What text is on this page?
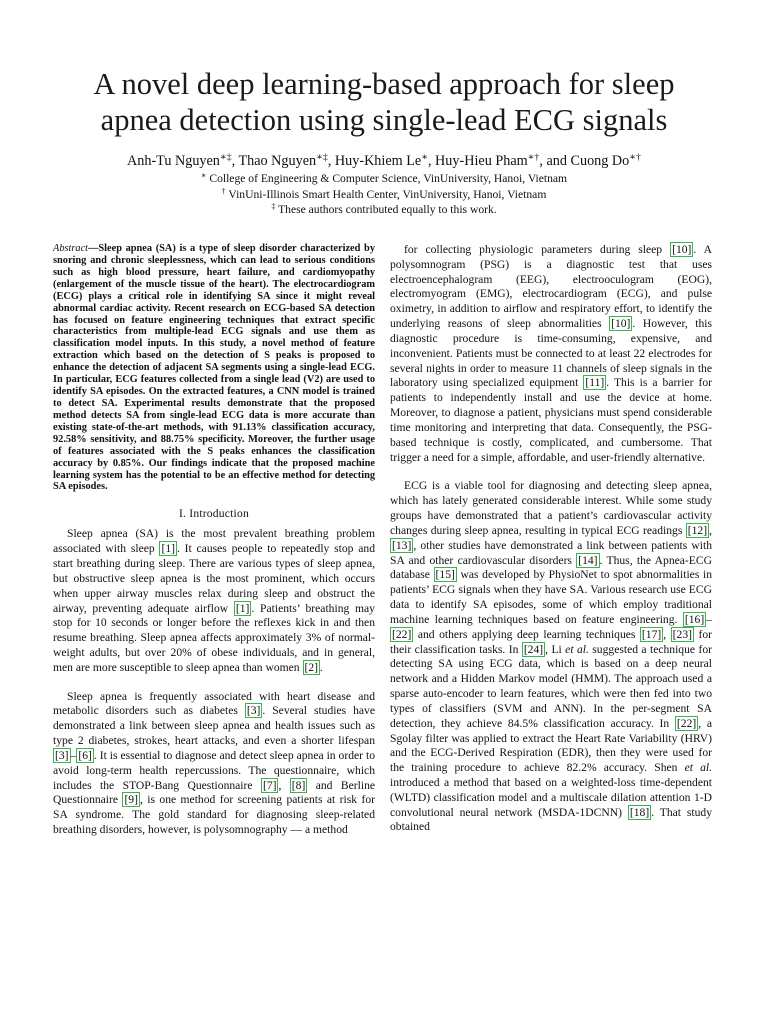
A novel deep learning-based approach for sleep
apnea detection using single-lead ECG signals
Anh-Tu Nguyen∗‡, Thao Nguyen∗‡, Huy-Khiem Le∗, Huy-Hieu Pham∗†, and Cuong Do∗†
∗ College of Engineering & Computer Science, VinUniversity, Hanoi, Vietnam
† VinUni-Illinois Smart Health Center, VinUniversity, Hanoi, Vietnam
‡ These authors contributed equally to this work.

Abstract—Sleep apnea (SA) is a type of sleep disorder characterized by snoring and chronic sleeplessness, which can lead to serious conditions such as high blood pressure, heart failure, and cardiomyopathy (enlargement of the muscle tissue of the heart). The electrocardiogram (ECG) plays a critical role in identifying SA since it might reveal abnormal cardiac activity. Recent research on ECG-based SA detection has focused on feature engineering techniques that extract specific characteristics from multiple-lead ECG signals and use them as classification model inputs. In this study, a novel method of feature extraction which based on the detection of S peaks is proposed to enhance the detection of adjacent SA segments using a single-lead ECG. In particular, ECG features collected from a single lead (V2) are used to identify SA episodes. On the extracted features, a CNN model is trained to detect SA. Experimental results demonstrate that the proposed method detects SA from single-lead ECG data is more accurate than existing state-of-the-art methods, with 91.13% classification accuracy, 92.58% sensitivity, and 88.75% specificity. Moreover, the further usage of features associated with the S peaks enhances the classification accuracy by 0.85%. Our findings indicate that the proposed machine learning system has the potential to be an effective method for detecting SA episodes.

I. Introduction

Sleep apnea (SA) is the most prevalent breathing problem associated with sleep [1] . It causes people to repeatedly stop and start breathing during sleep. There are various types of sleep apnea, but obstructive sleep apnea is the most prominent, which occurs when upper airway muscles relax during sleep and obstruct the airway, preventing adequate airflow [1] . Patients’ breathing may stop for 10 seconds or longer before the reflexes kick in and then resume breathing. Sleep apnea affects approximately 3% of normal-weight adults, but over 20% of obese individuals, and in general, men are more susceptible to sleep apnea than women [2] .

Sleep apnea is frequently associated with heart disease and metabolic disorders such as diabetes [3] . Several studies have demonstrated a link between sleep apnea and health issues such as type 2 diabetes, strokes, heart attacks, and even a shorter lifespan [3] – [6] . It is essential to diagnose and detect sleep apnea in order to avoid long-term health repercussions. The questionnaire, which includes the STOP-Bang Questionnaire [7] , [8] and Berline Questionnaire [9] , is one method for screening patients at risk for SA syndrome. The gold standard for diagnosing sleep-related breathing disorders, however, is polysomnography — a method

for collecting physiologic parameters during sleep [10] . A polysomnogram (PSG) is a diagnostic test that uses electroencephalogram (EEG), electrooculogram (EOG), electromyogram (EMG), electrocardiogram (ECG), and pulse oximetry, in addition to airflow and respiratory effort, to identify the underlying reasons of sleep abnormalities [10] . However, this diagnostic procedure is time-consuming, expensive, and inconvenient. Patients must be connected to at least 22 electrodes for several nights in order to measure 11 channels of sleep signals in the laboratory using specialized equipment [11] . This is a barrier for patients to independently install and use the device at home. Moreover, to diagnose a patient, physicians must spend considerable time monitoring and interpreting that data. Consequently, the PSG-based technique is costly, complicated, and cumbersome. That trigger a need for a simple, affordable, and user-friendly alternative.

ECG is a viable tool for diagnosing and detecting sleep apnea, which has lately generated considerable interest. While some study groups have demonstrated that a patient’s cardiovascular activity changes during sleep apnea, resulting in typical ECG readings [12] , [13] , other studies have demonstrated a link between patients with SA and other cardiovascular disorders [14] . Thus, the Apnea-ECG database [15] was developed by PhysioNet to spot abnormalities in patients’ ECG signals when they have SA. Various research use ECG data to identify SA episodes, some of which employ traditional machine learning techniques based on feature engineering. [16] –[22] and others applying deep learning techniques [17] , [23] for their classification tasks. In [24] , Li et al. suggested a technique for detecting SA using ECG data, which is based on a deep neural network and a Hidden Markov model (HMM). The approach used a sparse auto-encoder to learn features, which were then fed into two types of classifiers (SVM and ANN). In the per-segment SA detection, they achieve 84.5% classification accuracy. In [22] , a Sgolay filter was applied to extract the Heart Rate Variability (HRV) and the ECG-Derived Respiration (EDR), then they were used for the training procedure to achieve 82.2% accuracy. Shen et al. introduced a method that based on a weighted-loss time-dependent (WLTD) classification model and a multiscale dilation attention 1-D convolutional neural network (MSDA-1DCNN) [18] . That study obtained
